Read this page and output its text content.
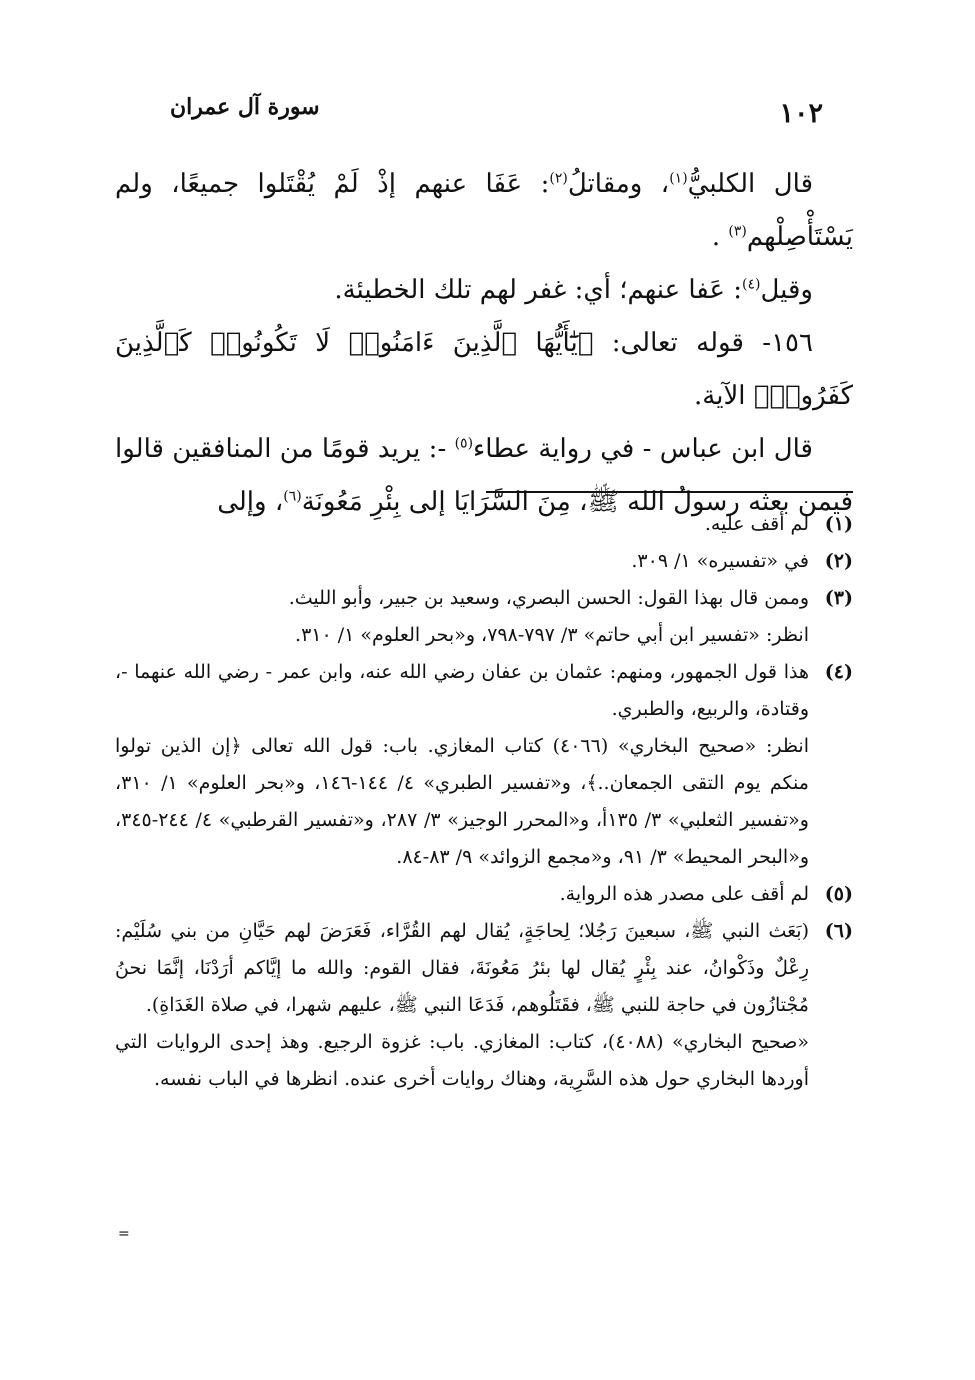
١٠٢
سورة آل عمران

قال الكلبيُّ$^{(١)}$، ومقاتلُ$^{(٢)}$: عَفَا عنهم إذْ لَمْ يُقْتَلوا جميعًا، ولم يَسْتَأْصِلْهم$^{(٣)}$ .

وقيل$^{(٤)}$: عَفا عنهم؛ أي: غفر لهم تلك الخطيئة.

١٥٦- قوله تعالى: ﴿يَٰٓأَيُّهَا ٱلَّذِينَ ءَامَنُوا۟ لَا تَكُونُوا۟ كَٱلَّذِينَ كَفَرُوا۟﴾ الآية.

قال ابن عباس - في رواية عطاء$^{(٥)}$ -: يريد قومًا من المنافقين قالوا فيمن بعثه رسولُ الله ﷺ، مِنَ السَّرَايَا إلى بِئْرِ مَعُونَة$^{(٦)}$، وإلى

(١)

لم أقف عليه.

(٢)

في «تفسيره» ١/ ٣٠٩.

(٣)

وممن قال بهذا القول: الحسن البصري، وسعيد بن جبير، وأبو الليث.

انظر: «تفسير ابن أبي حاتم» ٣/ ٧٩٧-٧٩٨، و«بحر العلوم» ١/ ٣١٠.

(٤)

هذا قول الجمهور، ومنهم: عثمان بن عفان رضي الله عنه، وابن عمر - رضي الله عنهما -، وقتادة، والربيع، والطبري.

انظر: «صحيح البخاري» (٤٠٦٦) كتاب المغازي. باب: قول الله تعالى ﴿إن الذين تولوا منكم يوم التقى الجمعان..﴾، و«تفسير الطبري» ٤/ ١٤٤-١٤٦، و«بحر العلوم» ١/ ٣١٠، و«تفسير الثعلبي» ٣/ ١٣٥أ، و«المحرر الوجيز» ٣/ ٢٨٧، و«تفسير القرطبي» ٤/ ٢٤٤-٣٤٥، و«البحر المحيط» ٣/ ٩١، و«مجمع الزوائد» ٩/ ٨٣-٨٤.

(٥)

لم أقف على مصدر هذه الرواية.

(٦)

(بَعَث النبي ﷺ، سبعينَ رَجُلا؛ لِحاجَةٍ، يُقال لهم القُرَّاء، فَعَرَضَ لهم حَيَّانِ من بني سُلَيْم: رِعْلٌ وذَكْوانُ، عند بِئْرٍ يُقال لها بئرُ مَعُونَةَ، فقال القوم: والله ما إيَّاكم أرَدْنَا، إنَّمَا نحنُ مُجْتازُون في حاجة للنبي ﷺ، فقَتَلُوهم، فَدَعَا النبي ﷺ، عليهم شهرا، في صلاة الغَدَاةِ).

«صحيح البخاري» (٤٠٨٨)، كتاب: المغازي. باب: غزوة الرجيع. وهذ إحدى الروايات التي أوردها البخاري حول هذه السَّرِية، وهناك روايات أخرى عنده. انظرها في الباب نفسه.

=
